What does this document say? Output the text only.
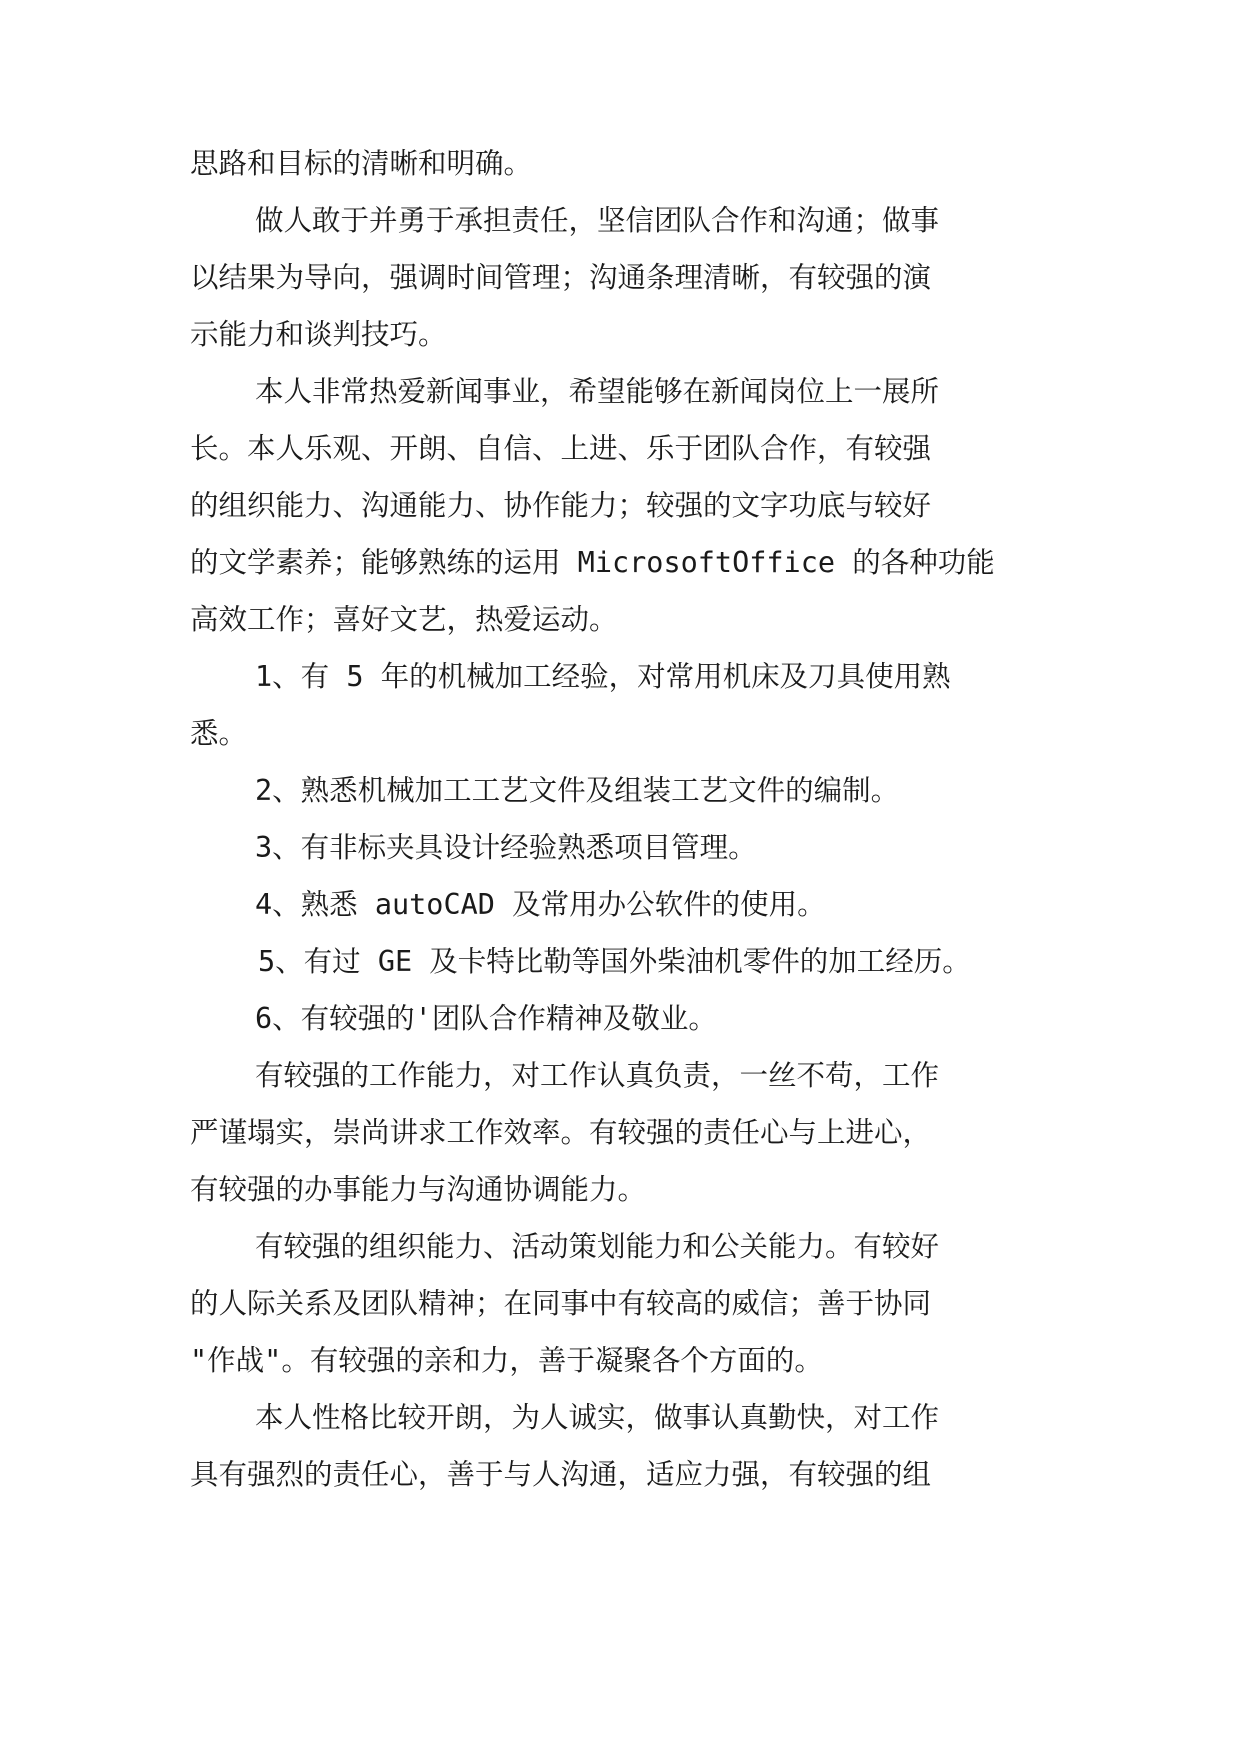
思路和目标的清晰和明确。
做人敢于并勇于承担责任，坚信团队合作和沟通；做事
以结果为导向，强调时间管理；沟通条理清晰，有较强的演
示能力和谈判技巧。
本人非常热爱新闻事业，希望能够在新闻岗位上一展所
长。本人乐观、开朗、自信、上进、乐于团队合作，有较强
的组织能力、沟通能力、协作能力；较强的文字功底与较好
的文学素养；能够熟练的运用 MicrosoftOffice 的各种功能
高效工作；喜好文艺，热爱运动。
1、有 5 年的机械加工经验，对常用机床及刀具使用熟
悉。
2、熟悉机械加工工艺文件及组装工艺文件的编制。
3、有非标夹具设计经验熟悉项目管理。
4、熟悉 autoCAD 及常用办公软件的使用。
5、有过 GE 及卡特比勒等国外柴油机零件的加工经历。
6、有较强的'团队合作精神及敬业。
有较强的工作能力，对工作认真负责，一丝不苟，工作
严谨塌实，崇尚讲求工作效率。有较强的责任心与上进心，
有较强的办事能力与沟通协调能力。
有较强的组织能力、活动策划能力和公关能力。有较好
的人际关系及团队精神；在同事中有较高的威信；善于协同
"作战"。有较强的亲和力，善于凝聚各个方面的。
本人性格比较开朗，为人诚实，做事认真勤快，对工作
具有强烈的责任心，善于与人沟通，适应力强，有较强的组
